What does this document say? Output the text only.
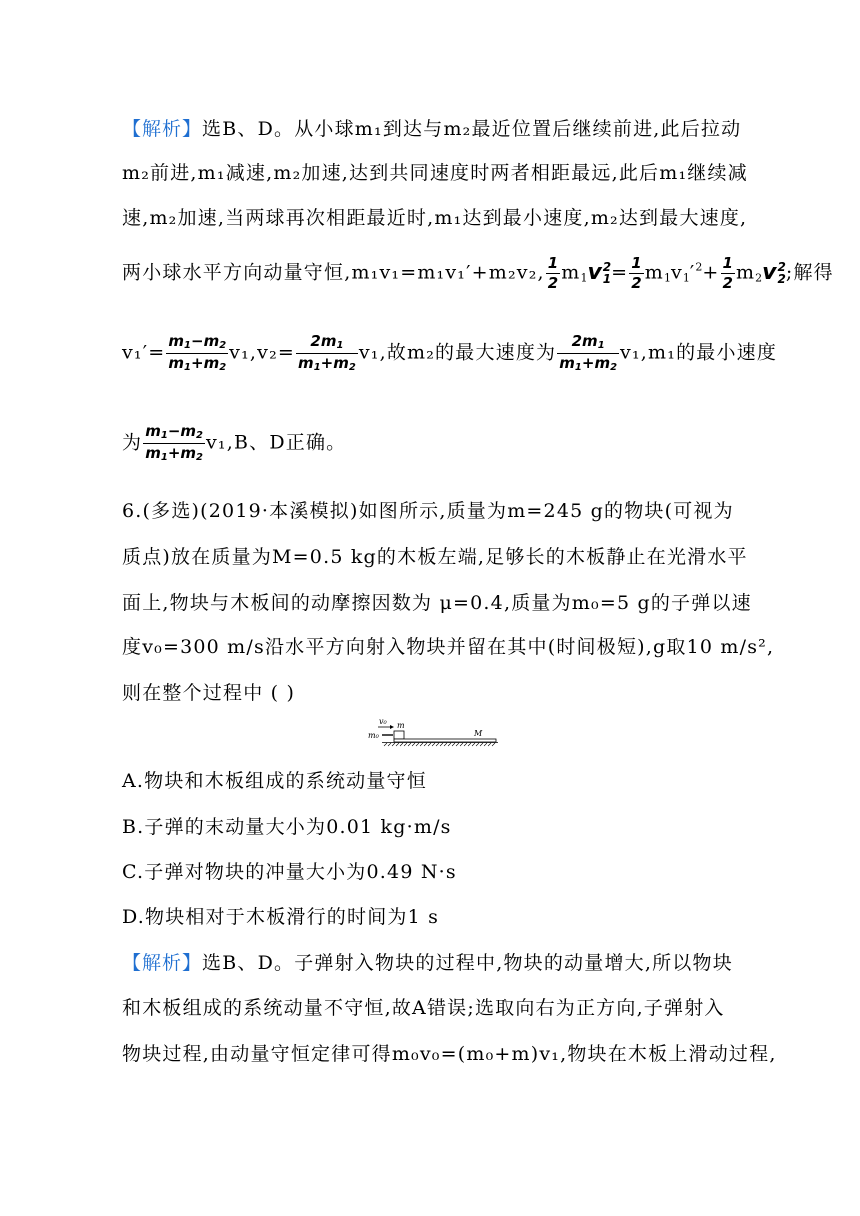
【解析】选B、D。从小球m₁到达与m₂最近位置后继续前进,此后拉动
m₂前进,m₁减速,m₂加速,达到共同速度时两者相距最远,此后m₁继续减
速,m₂加速,当两球再次相距最近时,m₁达到最小速度,m₂达到最大速度,
两小球水平方向动量守恒,m₁v₁=m₁v₁′+m₂v₂, $\frac{1}{2} m_1v$ 2
$1 = \frac{1}{2} m_1v_1'^2+ \frac{1}{2} m_2v$ 2
2 ;解得
$v_1'= \frac{m1-m2}{m1+m2} v_1,v_2= \frac{2m1}{m1+m2} v_1$,故m₂的最大速度为 $\frac{2m1}{m1+m2} v_1,m_1$的最小速度
为 $\frac{m1-m2}{m1+m2} v_1,B$、D正确。
6.(多选)(2019·本溪模拟)如图所示,质量为m=245 g的物块(可视为
质点)放在质量为M=0.5 kg的木板左端,足够长的木板静止在光滑水平
面上,物块与木板间的动摩擦因数为 μ=0.4,质量为m₀=5 g的子弹以速
度v₀=300 m/s沿水平方向射入物块并留在其中(时间极短),g取10 m/s²,
则在整个过程中 ( )
v₀ m
m₀	M
A.物块和木板组成的系统动量守恒
B.子弹的末动量大小为0.01 kg·m/s
C.子弹对物块的冲量大小为0.49 N·s
D.物块相对于木板滑行的时间为1 s
【解析】选B、D。子弹射入物块的过程中,物块的动量增大,所以物块
和木板组成的系统动量不守恒,故A错误;选取向右为正方向,子弹射入
物块过程,由动量守恒定律可得m₀v₀=(m₀+m)v₁,物块在木板上滑动过程,
